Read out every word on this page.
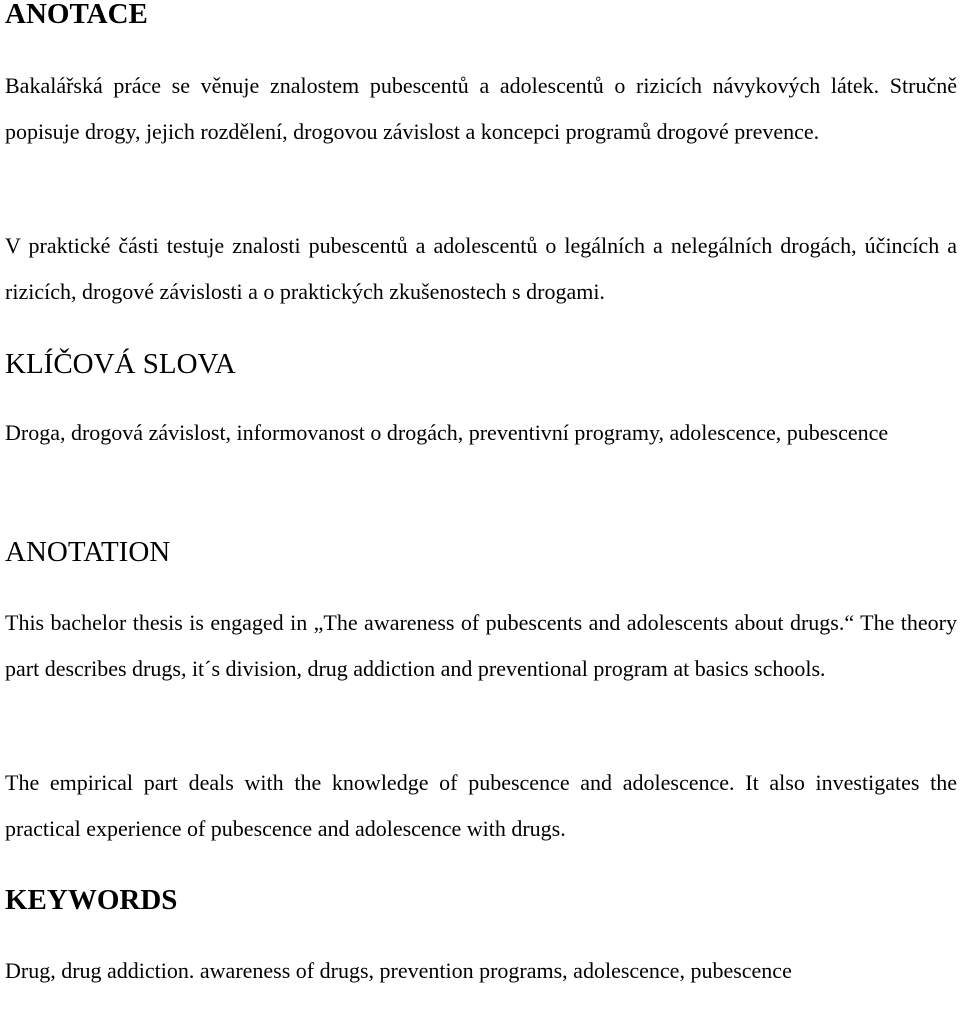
ANOTACE

Bakalářská práce se věnuje znalostem pubescentů a adolescentů o rizicích návykových látek. Stručně popisuje drogy, jejich rozdělení, drogovou závislost a koncepci programů drogové prevence.

V praktické části testuje znalosti pubescentů a adolescentů o legálních a nelegálních drogách, účincích a rizicích, drogové závislosti a o praktických zkušenostech s drogami.

KLÍČOVÁ SLOVA

Droga, drogová závislost, informovanost o drogách, preventivní programy, adolescence, pubescence

ANOTATION

This bachelor thesis is engaged in „The awareness of pubescents and adolescents about drugs.“ The theory part describes drugs, it´s division, drug addiction and preventional program at basics schools.

The empirical part deals with the knowledge of pubescence and adolescence. It also investigates the practical experience of pubescence and adolescence with drugs.

KEYWORDS

Drug, drug addiction. awareness of drugs, prevention programs, adolescence, pubescence
